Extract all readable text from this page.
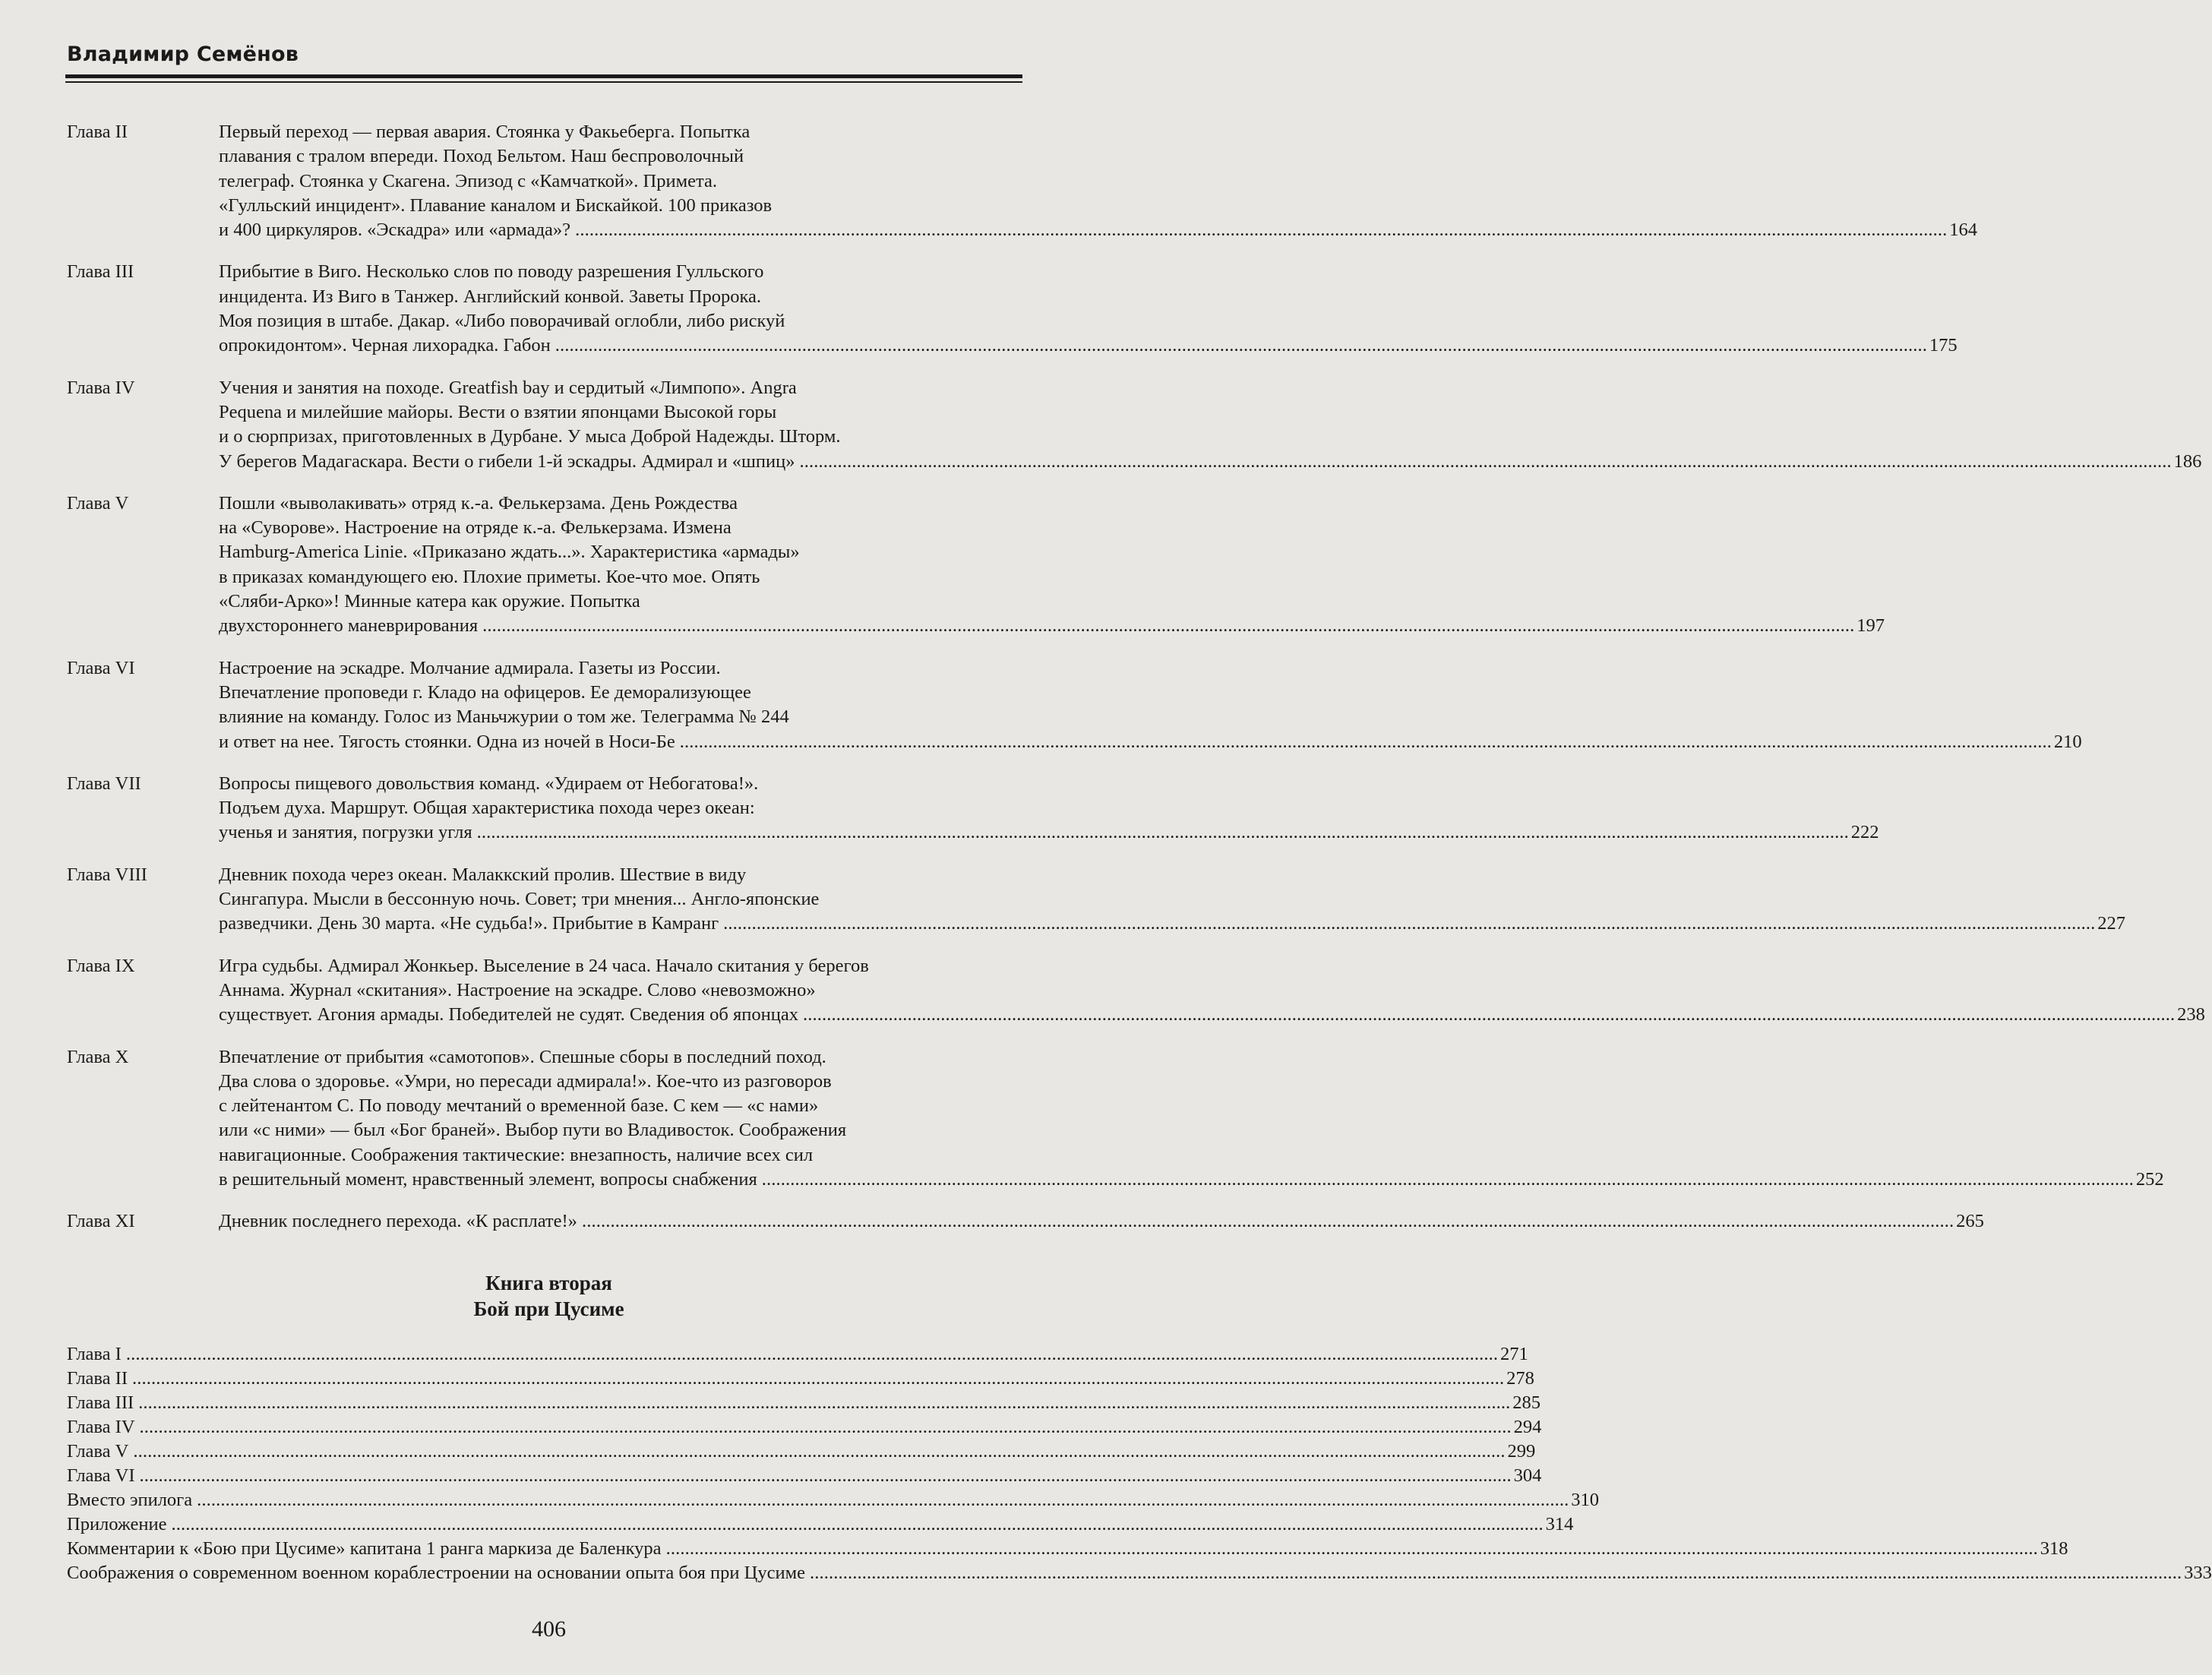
Владимир Семёнов
Глава II	Первый переход — первая авария. Стоянка у Факьеберга. Попытка
плавания с тралом впереди. Поход Бельтом. Наш беспроволочный
телеграф. Стоянка у Скагена. Эпизод с «Камчаткой». Примета.
«Гулльский инцидент». Плавание каналом и Бискайкой. 100 приказов
и 400 циркуляров. «Эскадра» или «армада»? . . .	164
Глава III	Прибытие в Виго. Несколько слов по поводу разрешения Гулльского
инцидента. Из Виго в Танжер. Английский конвой. Заветы Пророка.
Моя позиция в штабе. Дакар. «Либо поворачивай оглобли, либо рискуй
опрокидонтом». Черная лихорадка. Габон . . .	175
Глава IV	Учения и занятия на походе. Greatfish bay и сердитый «Лимпопо». Angra
Pequena и милейшие майоры. Вести о взятии японцами Высокой горы
и о сюрпризах, приготовленных в Дурбане. У мыса Доброй Надежды. Шторм.
У берегов Мадагаскара. Вести о гибели 1-й эскадры. Адмирал и «шпиц» . . .	186
Глава V	Пошли «выволакивать» отряд к.-а. Фелькерзама. День Рождества
на «Суворове». Настроение на отряде к.-а. Фелькерзама. Измена
Hamburg-America Linie. «Приказано ждать...». Характеристика «армады»
в приказах командующего ею. Плохие приметы. Кое-что мое. Опять
«Сляби-Арко»! Минные катера как оружие. Попытка
двухстороннего маневрирования . . .	197
Глава VI	Настроение на эскадре. Молчание адмирала. Газеты из России.
Впечатление проповеди г. Кладо на офицеров. Ее деморализующее
влияние на команду. Голос из Маньчжурии о том же. Телеграмма № 244
и ответ на нее. Тягость стоянки. Одна из ночей в Носи-Бе . . .	210
Глава VII	Вопросы пищевого довольствия команд. «Удираем от Небогатова!».
Подъем духа. Маршрут. Общая характеристика похода через океан:
ученья и занятия, погрузки угля . . .	222
Глава VIII	Дневник похода через океан. Малаккский пролив. Шествие в виду
Сингапура. Мысли в бессонную ночь. Совет; три мнения... Англо-японские
разведчики. День 30 марта. «Не судьба!». Прибытие в Камранг . . .	227
Глава IX	Игра судьбы. Адмирал Жонкьер. Выселение в 24 часа. Начало скитания у берегов
Аннама. Журнал «скитания». Настроение на эскадре. Слово «невозможно»
существует. Агония армады. Победителей не судят. Сведения об японцах . . .	238
Глава X	Впечатление от прибытия «самотопов». Спешные сборы в последний поход.
Два слова о здоровье. «Умри, но пересади адмирала!». Кое-что из разговоров
с лейтенантом С. По поводу мечтаний о временной базе. С кем — «с нами»
или «с ними» — был «Бог браней». Выбор пути во Владивосток. Соображения
навигационные. Соображения тактические: внезапность, наличие всех сил
в решительный момент, нравственный элемент, вопросы снабжения . . .	252
Глава XI	Дневник последнего перехода. «К расплате!» . . .	265
Книга вторая
Бой при Цусиме
Глава I . . .	271
Глава II . . .	278
Глава III . . .	285
Глава IV . . .	294
Глава V . . .	299
Глава VI . . .	304
Вместо эпилога . . .	310
Приложение . . .	314
Комментарии к «Бою при Цусиме» капитана 1 ранга маркиза де Баленкура . . .	318
Соображения о современном военном кораблестроении на основании опыта боя при Цусиме . . .	333
406
